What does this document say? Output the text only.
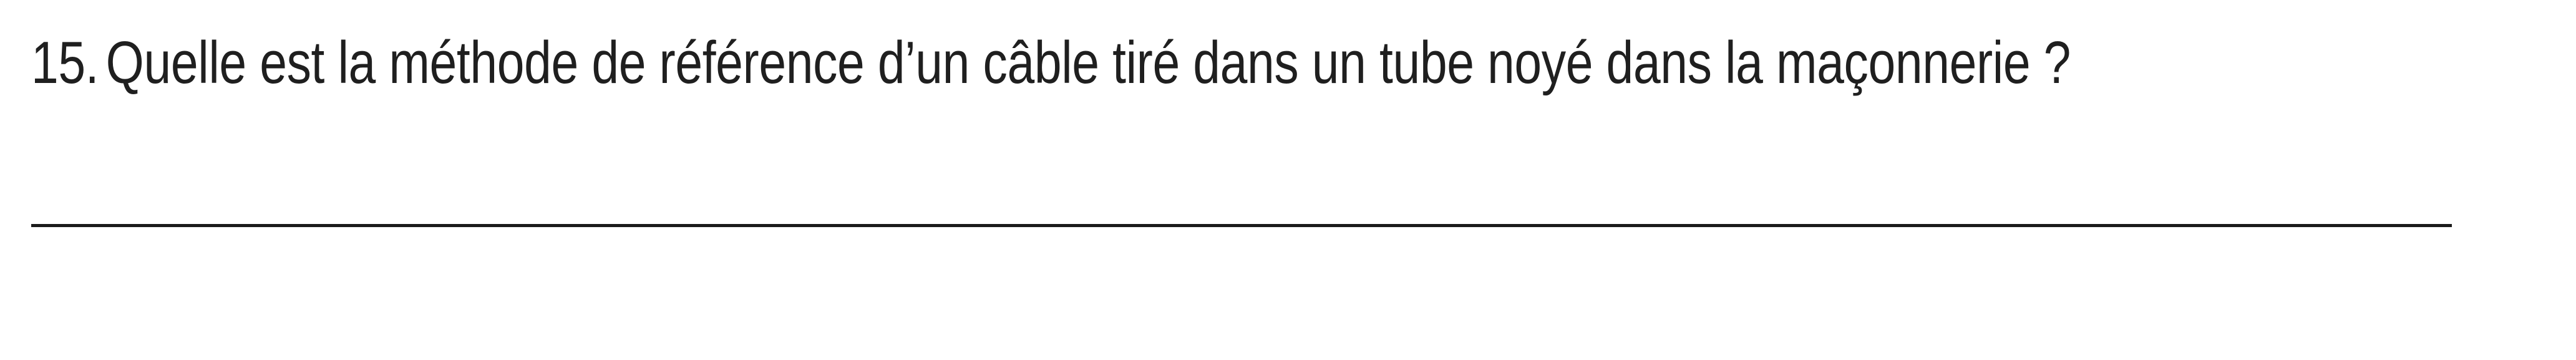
15. Quelle est la méthode de référence d’un câble tiré dans un tube noyé dans la maçonnerie ?
